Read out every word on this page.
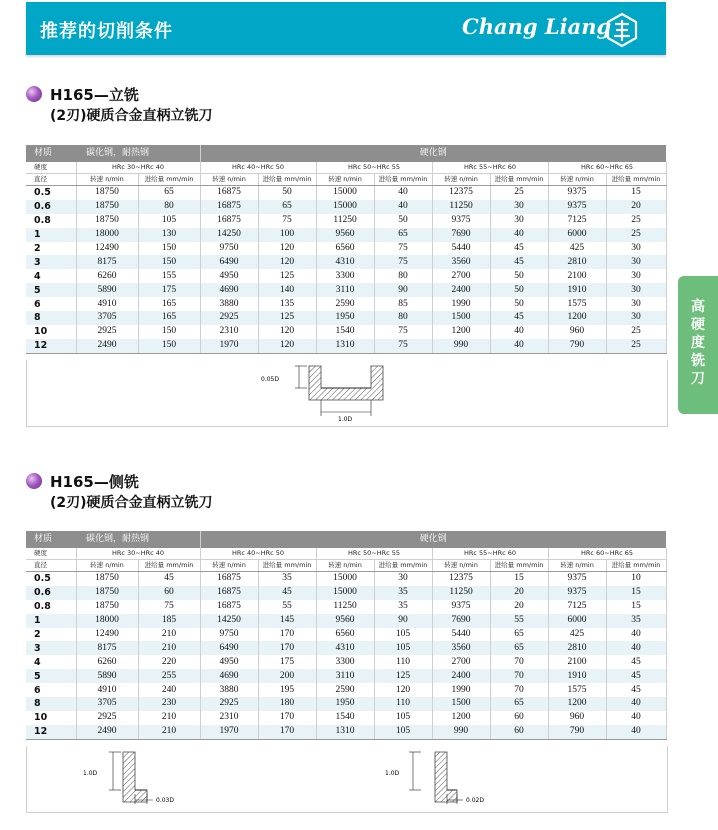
推荐的切削条件	Chang Liang
高硬度铣刀
H165—立铣
(2刃)硬质合金直柄立铣刀
材质	碳化钢，耐热钢		硬化钢							
硬度	HRc 30~HRc 40		HRc 40~HRc 50		HRc 50~HRc 55		HRc 55~HRc 60		HRc 60~HRc 65	
直径	转速 n/min	进给量 mm/min	转速 n/min	进给量 mm/min	转速 n/min	进给量 mm/min	转速 n/min	进给量 mm/min	转速 n/min	进给量 mm/min
0.5	18750	65	16875	50	15000	40	12375	25	9375	15
0.6	18750	80	16875	65	15000	40	11250	30	9375	20
0.8	18750	105	16875	75	11250	50	9375	30	7125	25
1	18000	130	14250	100	9560	65	7690	40	6000	25
2	12490	150	9750	120	6560	75	5440	45	425	30
3	8175	150	6490	120	4310	75	3560	45	2810	30
4	6260	155	4950	125	3300	80	2700	50	2100	30
5	5890	175	4690	140	3110	90	2400	50	1910	30
6	4910	165	3880	135	2590	85	1990	50	1575	30
8	3705	165	2925	125	1950	80	1500	45	1200	30
10	2925	150	2310	120	1540	75	1200	40	960	25
12	2490	150	1970	120	1310	75	990	40	790	25
0.05D
1.0D
H165—侧铣
(2刃)硬质合金直柄立铣刀
材质	碳化钢，耐热钢		硬化钢							
硬度	HRc 30~HRc 40		HRc 40~HRc 50		HRc 50~HRc 55		HRc 55~HRc 60		HRc 60~HRc 65	
直径	转速 n/min	进给量 mm/min	转速 n/min	进给量 mm/min	转速 n/min	进给量 mm/min	转速 n/min	进给量 mm/min	转速 n/min	进给量 mm/min
0.5	18750	45	16875	35	15000	30	12375	15	9375	10
0.6	18750	60	16875	45	15000	35	11250	20	9375	15
0.8	18750	75	16875	55	11250	35	9375	20	7125	15
1	18000	185	14250	145	9560	90	7690	55	6000	35
2	12490	210	9750	170	6560	105	5440	65	425	40
3	8175	210	6490	170	4310	105	3560	65	2810	40
4	6260	220	4950	175	3300	110	2700	70	2100	45
5	5890	255	4690	200	3110	125	2400	70	1910	45
6	4910	240	3880	195	2590	120	1990	70	1575	45
8	3705	230	2925	180	1950	110	1500	65	1200	40
10	2925	210	2310	170	1540	105	1200	60	960	40
12	2490	210	1970	170	1310	105	990	60	790	40
1.0D
0.03D
1.0D
0.02D
